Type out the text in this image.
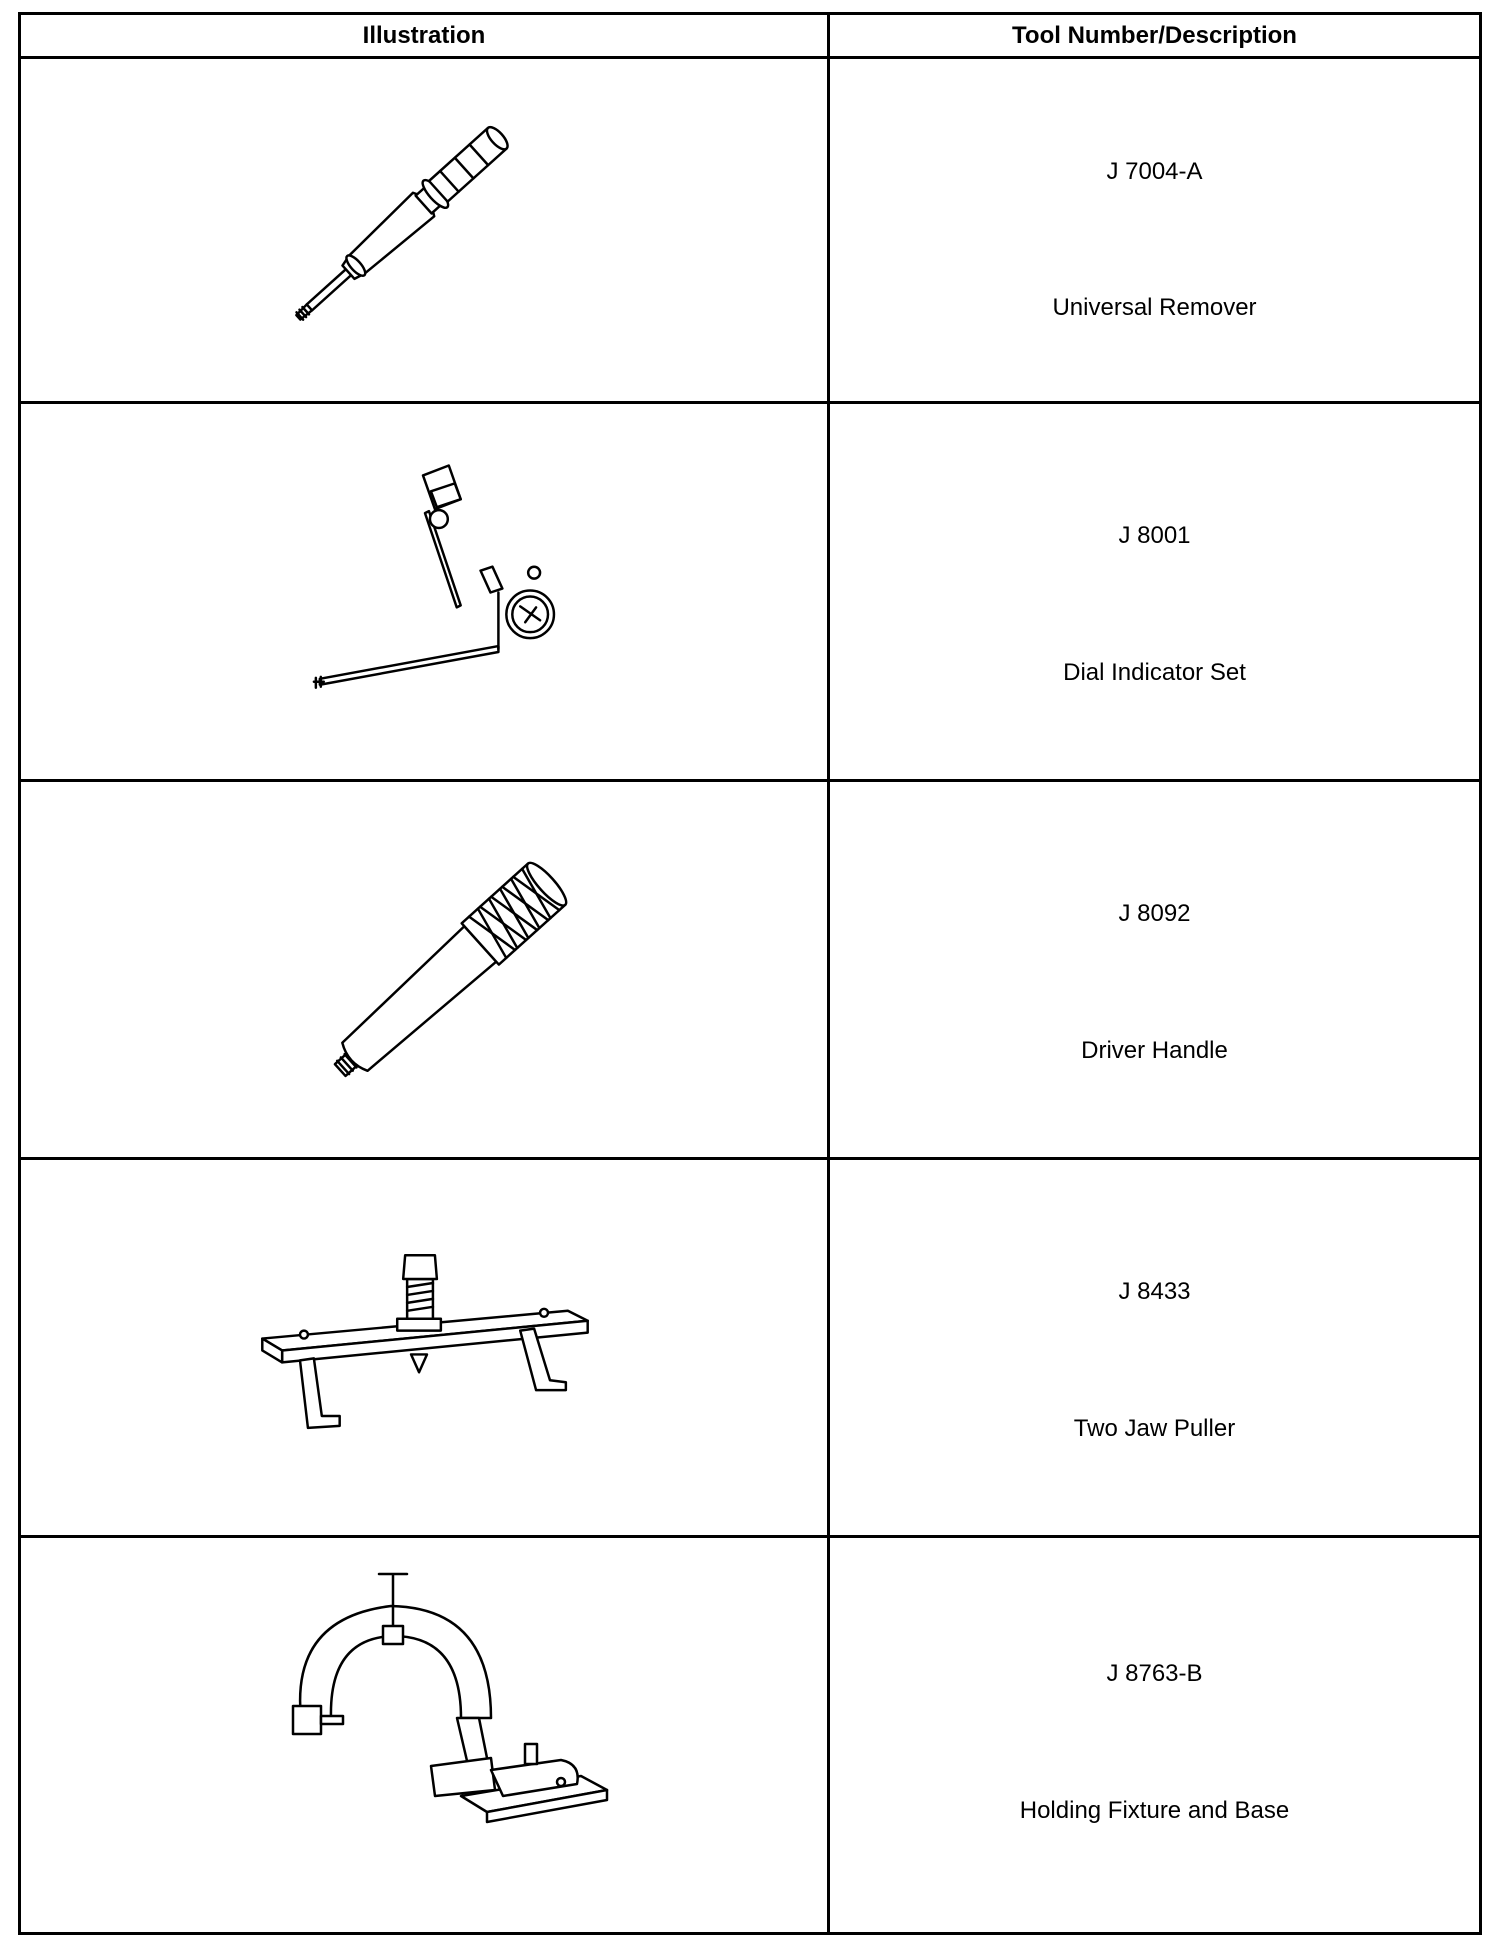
Illustration	Tool Number/Description
J 7004-A
Universal Remover
J 8001
Dial Indicator Set
J 8092
Driver Handle
J 8433
Two Jaw Puller
J 8763-B
Holding Fixture and Base
